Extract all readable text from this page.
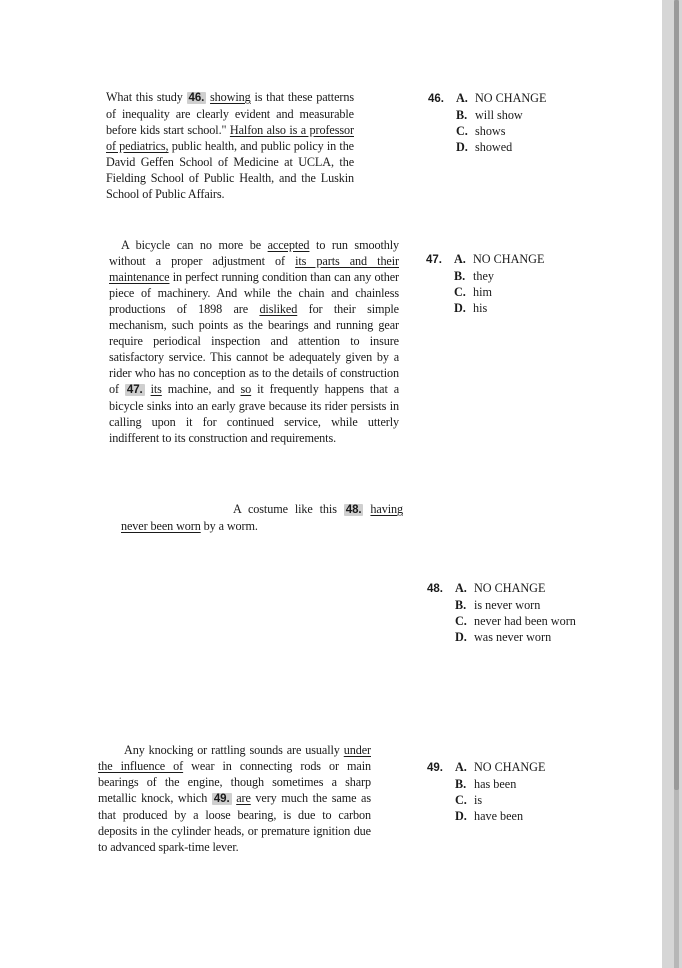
What this study 46. showing is that these patterns of inequality are clearly evident and measurable before kids start school." Halfon also is a professor of pediatrics, public health, and public policy in the David Geffen School of Medicine at UCLA, the Fielding School of Public Health, and the Luskin School of Public Affairs.

A bicycle can no more be accepted to run smoothly without a proper adjustment of its parts and their maintenance in perfect running condition than can any other piece of machinery. And while the chain and chainless productions of 1898 are disliked for their simple mechanism, such points as the bearings and running gear require periodical inspection and attention to insure satisfactory service. This cannot be adequately given by a rider who has no conception as to the details of construction of 47. its machine, and so it frequently happens that a bicycle sinks into an early grave because its rider persists in calling upon it for continued service, while utterly indifferent to its construction and requirements.

A costume like this 48. having never been worn by a worm.

Any knocking or rattling sounds are usually under the influence of wear in connecting rods or main bearings of the engine, though sometimes a sharp metallic knock, which 49. are very much the same as that produced by a loose bearing, is due to carbon deposits in the cylinder heads, or premature ignition due to advanced spark-time lever.

46. A. NO CHANGE
B. will show
C. shows
D. showed
47. A. NO CHANGE
B. they
C. him
D. his
48. A. NO CHANGE
B. is never worn
C. never had been worn
D. was never worn
49. A. NO CHANGE
B. has been
C. is
D. have been
